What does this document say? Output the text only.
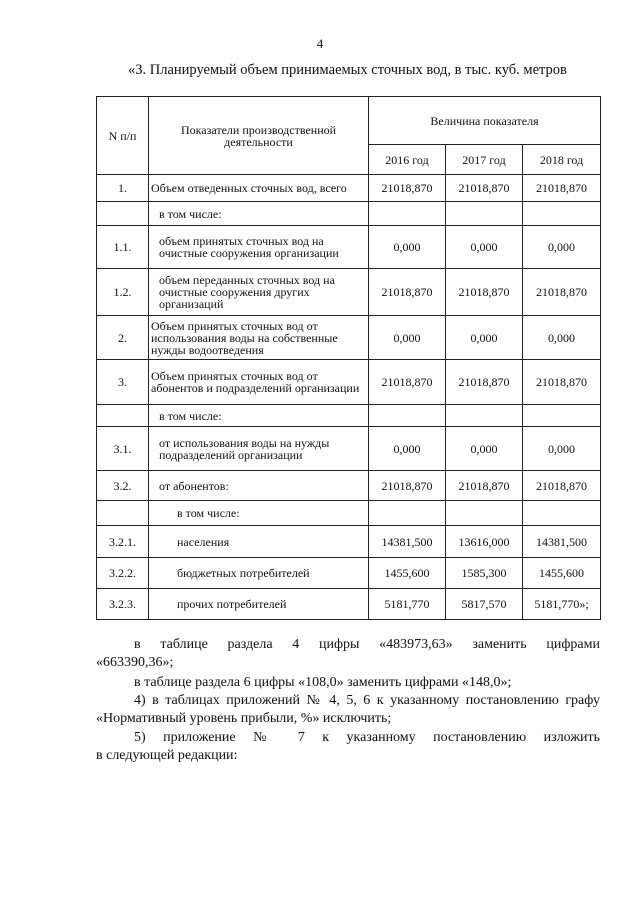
4
«3. Планируемый объем принимаемых сточных вод, в тыс. куб. метров
N п/п	Показатели производственной деятельности	Величина показателя		
		2016 год	2017 год	2018 год
1.	Объем отведенных сточных вод, всего	21018,870	21018,870	21018,870
	в том числе:			
1.1.	объем принятых сточных вод на очистные сооружения организации	0,000	0,000	0,000
1.2.	объем переданных сточных вод на очистные сооружения других организаций	21018,870	21018,870	21018,870
2.	Объем принятых сточных вод от использования воды на собственные нужды водоотведения	0,000	0,000	0,000
3.	Объем принятых сточных вод от абонентов и подразделений организации	21018,870	21018,870	21018,870
	в том числе:			
3.1.	от использования воды на нужды подразделений организации	0,000	0,000	0,000
3.2.	от абонентов:	21018,870	21018,870	21018,870
	в том числе:			
3.2.1.	населения	14381,500	13616,000	14381,500
3.2.2.	бюджетных потребителей	1455,600	1585,300	1455,600
3.2.3.	прочих потребителей	5181,770	5817,570	5181,770»;

в таблице раздела 4 цифры «483973,63» заменить цифрами

«663390,36»;

в таблице раздела 6 цифры «108,0» заменить цифрами «148,0»;

4) в таблицах приложений № 4, 5, 6 к указанному постановлению графу

«Нормативный уровень прибыли, %» исключить;

5) приложение № 7 к указанному постановлению изложить

в следующей редакции:
